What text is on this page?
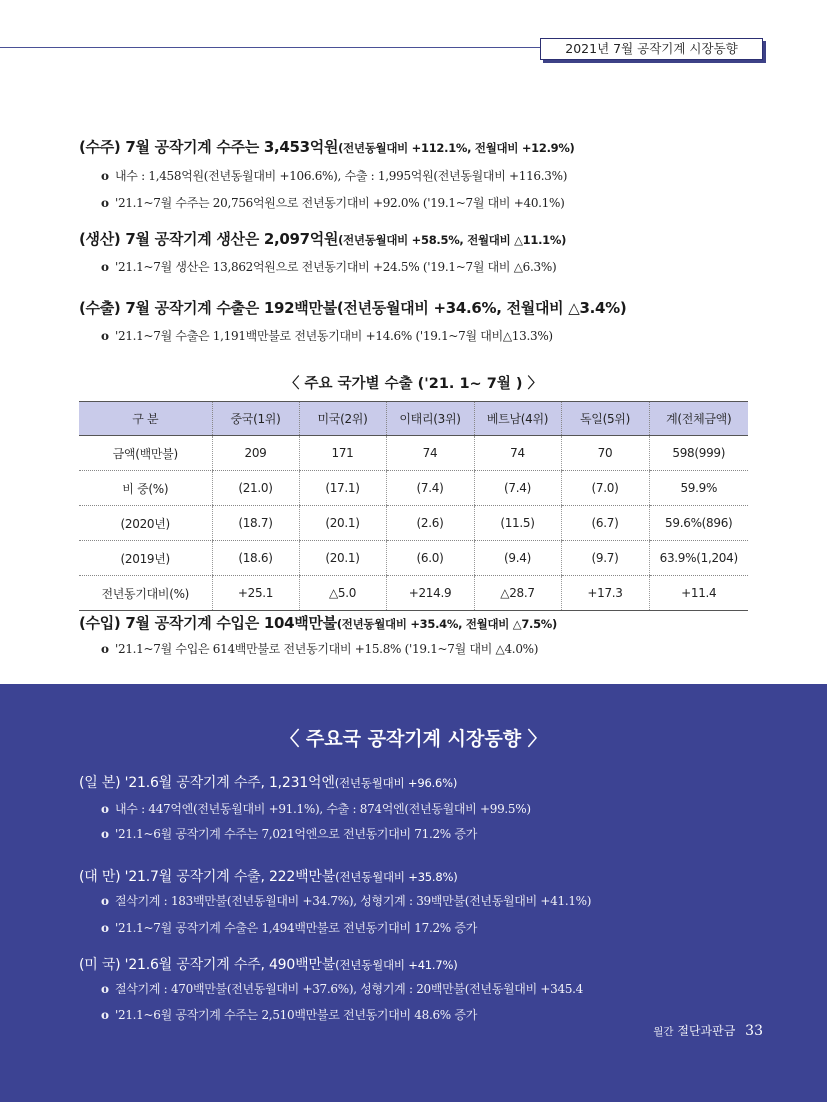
2021년 7월 공작기계 시장동향
(수주) 7월 공작기계 수주는 3,453억원(전년동월대비 +112.1%, 전월대비 +12.9%)
o 내수 : 1,458억원(전년동월대비 +106.6%), 수출 : 1,995억원(전년동월대비 +116.3%)
o '21.1~7월 수주는 20,756억원으로 전년동기대비 +92.0% ('19.1~7월 대비 +40.1%)
(생산) 7월 공작기계 생산은 2,097억원(전년동월대비 +58.5%, 전월대비 △11.1%)
o '21.1~7월 생산은 13,862억원으로 전년동기대비 +24.5% ('19.1~7월 대비 △6.3%)
(수출) 7월 공작기계 수출은 192백만불(전년동월대비 +34.6%, 전월대비 △3.4%)
o '21.1~7월 수출은 1,191백만불로 전년동기대비 +14.6% ('19.1~7월 대비△13.3%)
〈 주요 국가별 수출 ('21. 1~ 7월 ) 〉
구 분	중국(1위)	미국(2위)	이태리(3위)	베트남(4위)	독일(5위)	계(전체금액)
금액(백만불)	209	171	74	74	70	598(999)
비 중(%)	(21.0)	(17.1)	(7.4)	(7.4)	(7.0)	59.9%
(2020년)	(18.7)	(20.1)	(2.6)	(11.5)	(6.7)	59.6%(896)
(2019년)	(18.6)	(20.1)	(6.0)	(9.4)	(9.7)	63.9%(1,204)
전년동기대비(%)	+25.1	△5.0	+214.9	△28.7	+17.3	+11.4
(수입) 7월 공작기계 수입은 104백만불(전년동월대비 +35.4%, 전월대비 △7.5%)
o '21.1~7월 수입은 614백만불로 전년동기대비 +15.8% ('19.1~7월 대비 △4.0%)
〈 주요국 공작기계 시장동향 〉
(일 본) '21.6월 공작기계 수주, 1,231억엔(전년동월대비 +96.6%)
o 내수 : 447억엔(전년동월대비 +91.1%), 수출 : 874억엔(전년동월대비 +99.5%)
o '21.1~6월 공작기계 수주는 7,021억엔으로 전년동기대비 71.2% 증가
(대 만) '21.7월 공작기계 수출, 222백만불(전년동월대비 +35.8%)
o 절삭기계 : 183백만불(전년동월대비 +34.7%), 성형기계 : 39백만불(전년동월대비 +41.1%)
o '21.1~7월 공작기계 수출은 1,494백만불로 전년동기대비 17.2% 증가
(미 국) '21.6월 공작기계 수주, 490백만불(전년동월대비 +41.7%)
o 절삭기계 : 470백만불(전년동월대비 +37.6%), 성형기계 : 20백만불(전년동월대비 +345.4
o '21.1~6월 공작기계 수주는 2,510백만불로 전년동기대비 48.6% 증가
월간 절단과판금 33
